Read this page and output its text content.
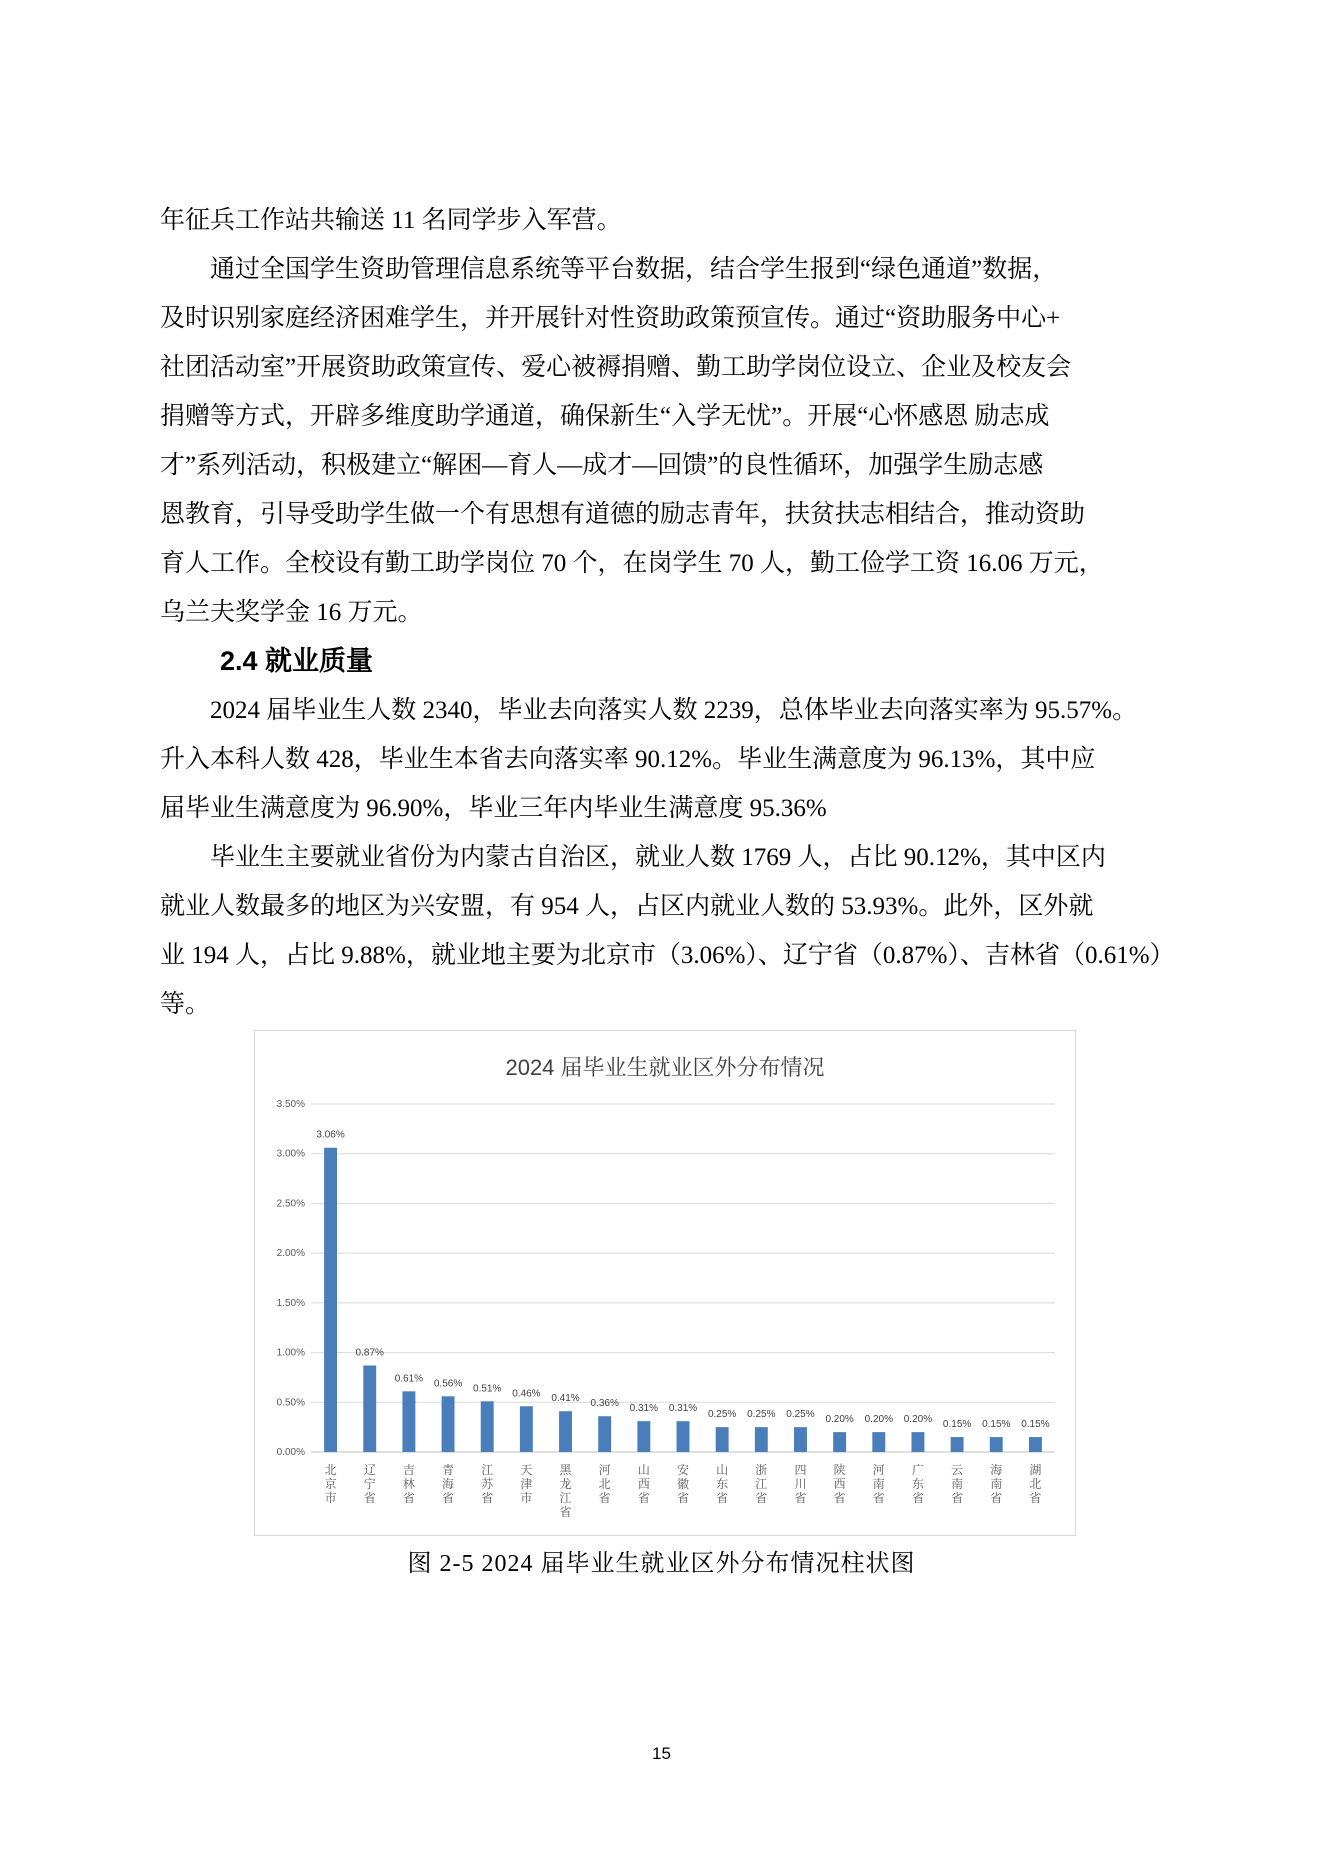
年征兵工作站共输送 11 名同学步入军营。
　　通过全国学生资助管理信息系统等平台数据，结合学生报到“绿色通道”数据，
及时识别家庭经济困难学生，并开展针对性资助政策预宣传。通过“资助服务中心+
社团活动室”开展资助政策宣传、爱心被褥捐赠、勤工助学岗位设立、企业及校友会
捐赠等方式，开辟多维度助学通道，确保新生“入学无忧”。开展“心怀感恩 励志成
才”系列活动，积极建立“解困—育人—成才—回馈”的良性循环，加强学生励志感
恩教育，引导受助学生做一个有思想有道德的励志青年，扶贫扶志相结合，推动资助
育人工作。全校设有勤工助学岗位 70 个，在岗学生 70 人，勤工俭学工资 16.06 万元，
乌兰夫奖学金 16 万元。
2.4 就业质量
　　2024 届毕业生人数 2340，毕业去向落实人数 2239，总体毕业去向落实率为 95.57%。
升入本科人数 428，毕业生本省去向落实率 90.12%。毕业生满意度为 96.13%，其中应
届毕业生满意度为 96.90%，毕业三年内毕业生满意度 95.36%
　　毕业生主要就业省份为内蒙古自治区，就业人数 1769 人，占比 90.12%，其中区内
就业人数最多的地区为兴安盟，有 954 人，占区内就业人数的 53.93%。此外，区外就
业 194 人，占比 9.88%，就业地主要为北京市（3.06%）、辽宁省（0.87%）、吉林省（0.61%）
等。
2024 届毕业生就业区外分布情况
0.00%
0.50%
1.00%
1.50%
2.00%
2.50%
3.00%
3.50%
3.06%
0.87%
0.61% 0.56% 0.51% 0.46% 0.41% 0.36% 0.31% 0.31%
0.25% 0.25% 0.25% 0.20% 0.20% 0.20% 0.15% 0.15% 0.15%
北
京
市
辽
宁
省
吉
林
省
青
海
省
江
苏
省
天
津
市
黑
龙
江
省
河
北
省
山
西
省
安
徽
省
山
东
省
浙
江
省
四
川
省
陕
西
省
河
南
省
广
东
省
云
南
省
海
南
省
湖
北
省
图 2-5 2024 届毕业生就业区外分布情况柱状图
15
